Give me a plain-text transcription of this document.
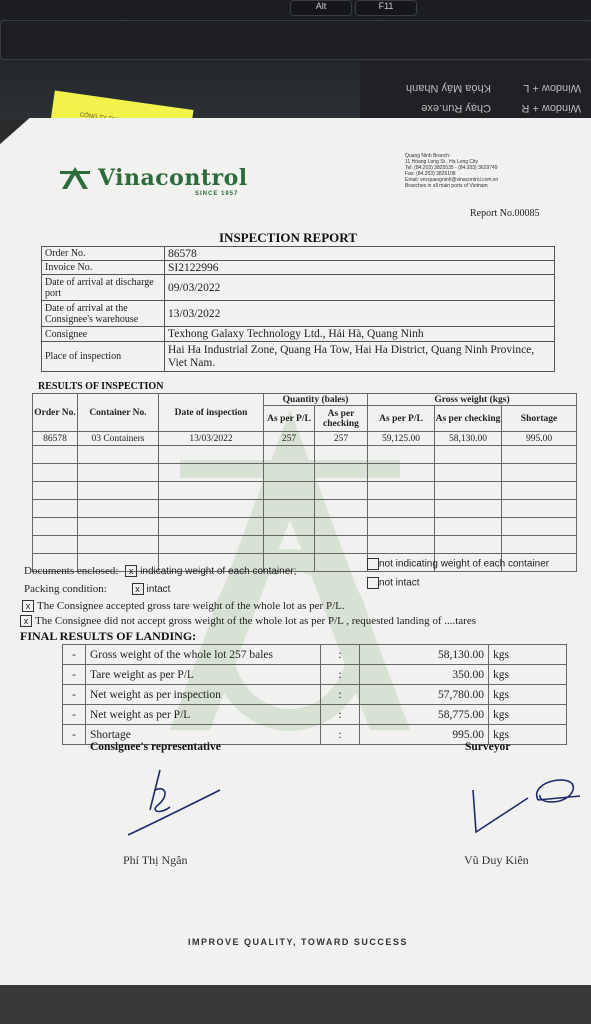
Alt	F11
Window + R
Chạy Run.exe
Window + L
Khóa Máy Nhanh
Vinacontrol
SINCE 1957
Quang Ninh Branch:
11 Hoang Long St., Ha Long City
Tel: (84.203) 3825535 - (84.203) 3629749
Fax: (84.203) 3826108
Email: vncquangninh@vinacontrol.com.vn
Branches in all main ports of Vietnam
Report No.00085
INSPECTION REPORT
Order No.	86578
Invoice No.	SI2122996
Date of arrival at discharge port	09/03/2022
Date of arrival at the Consignee's warehouse	13/03/2022
Consignee	Texhong Galaxy Technology Ltd., Hải Hà, Quang Ninh
Place of inspection	Hai Ha Industrial Zone, Quang Ha Tow, Hai Ha District, Quang Ninh Province, Viet Nam.
RESULTS OF INSPECTION
Order No.	Container No.	Date of inspection	Quantity (bales)		Gross weight (kgs)		
			As per P/L	As per checking	As per P/L	As per checking	Shortage
86578	03 Containers	13/03/2022	257	257	59,125.00	58,130.00	995.00

Documents enclosed: x indicating weight of each container;
not indicating weight of each container
Packing condition:	x intact
not intact
x The Consignee accepted gross tare weight of the whole lot as per P/L.
x The Consignee did not accept gross weight of the whole lot as per P/L , requested landing of ....tares
FINAL RESULTS OF LANDING:
-	Gross weight of the whole lot 257 bales	:	58,130.00	kgs
-	Tare weight as per P/L	:	350.00	kgs
-	Net weight as per inspection	:	57,780.00	kgs
-	Net weight as per P/L	:	58,775.00	kgs
-	Shortage	:	995.00	kgs
Consignee's representative	Surveyor
Phí Thị Ngân	Vũ Duy Kiên
IMPROVE QUALITY, TOWARD SUCCESS
